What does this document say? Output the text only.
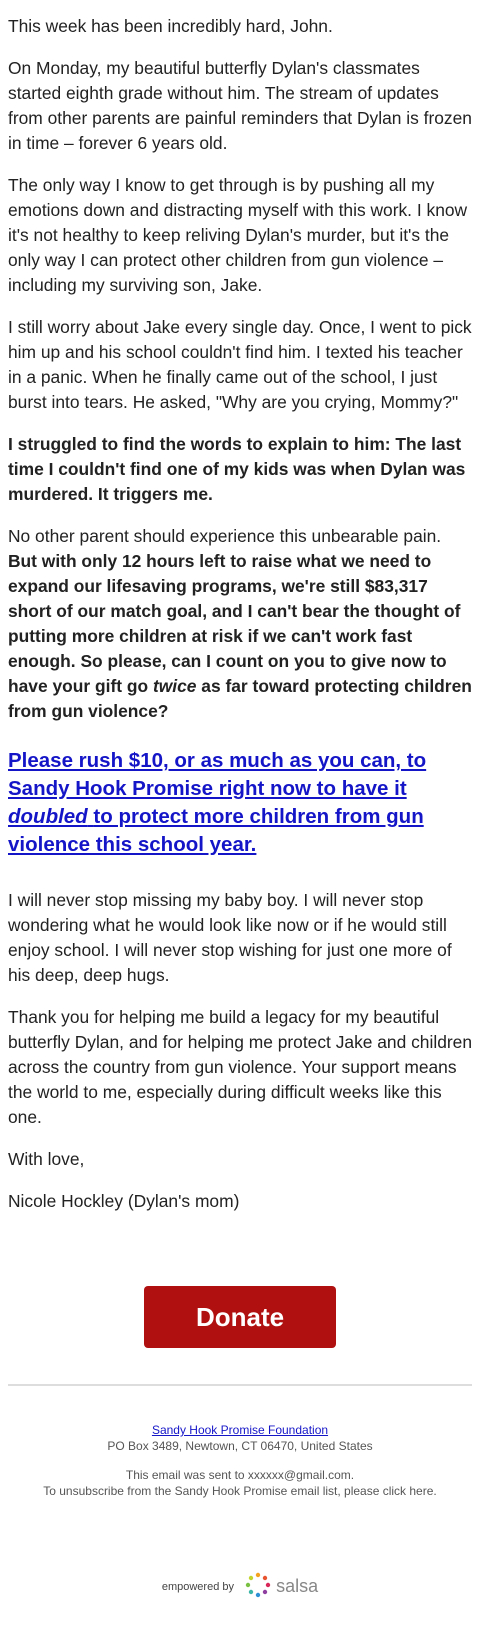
This week has been incredibly hard, John.

On Monday, my beautiful butterfly Dylan's classmates started eighth grade without him. The stream of updates from other parents are painful reminders that Dylan is frozen in time – forever 6 years old.

The only way I know to get through is by pushing all my emotions down and distracting myself with this work. I know it's not healthy to keep reliving Dylan's murder, but it's the only way I can protect other children from gun violence – including my surviving son, Jake.

I still worry about Jake every single day. Once, I went to pick him up and his school couldn't find him. I texted his teacher in a panic. When he finally came out of the school, I just burst into tears. He asked, "Why are you crying, Mommy?"

I struggled to find the words to explain to him: The last time I couldn't find one of my kids was when Dylan was murdered. It triggers me.

No other parent should experience this unbearable pain. But with only 12 hours left to raise what we need to expand our lifesaving programs, we're still $83,317 short of our match goal, and I can't bear the thought of putting more children at risk if we can't work fast enough. So please, can I count on you to give now to have your gift go twice as far toward protecting children from gun violence?

Please rush $10, or as much as you can, to Sandy Hook Promise right now to have it doubled to protect more children from gun violence this school year.

I will never stop missing my baby boy. I will never stop wondering what he would look like now or if he would still enjoy school. I will never stop wishing for just one more of his deep, deep hugs.

Thank you for helping me build a legacy for my beautiful butterfly Dylan, and for helping me protect Jake and children across the country from gun violence. Your support means the world to me, especially during difficult weeks like this one.

With love,

Nicole Hockley (Dylan's mom)

Donate
Sandy Hook Promise Foundation
PO Box 3489, Newtown, CT 06470, United States
This email was sent to xxxxxx@gmail.com.
To unsubscribe from the Sandy Hook Promise email list, please click here.
empowered by salsa
